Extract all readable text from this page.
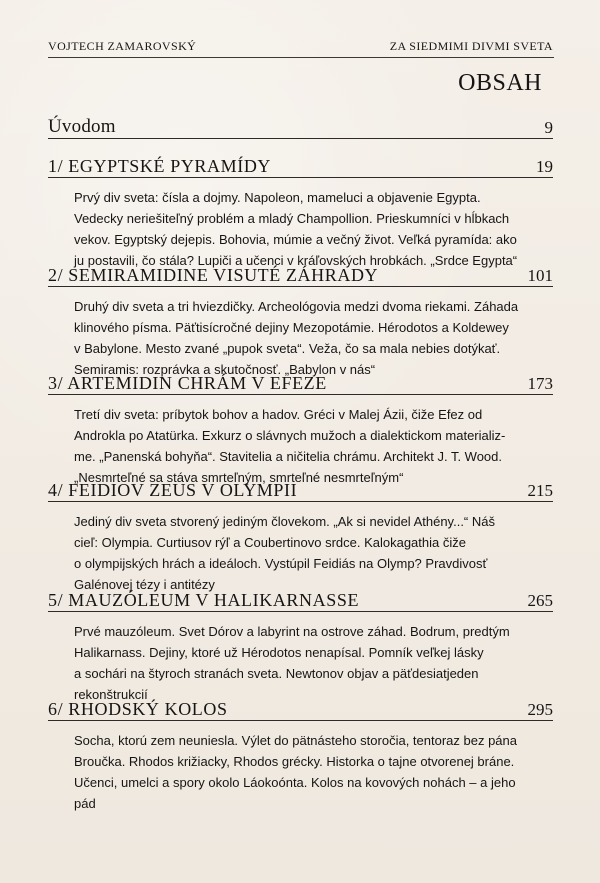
VOJTECH ZAMAROVSKÝ	ZA SIEDMIMI DIVMI SVETA
OBSAH
Úvodom	9
1/ EGYPTSKÉ PYRAMÍDY	19
Prvý div sveta: čísla a dojmy. Napoleon, mameluci a objavenie Egypta.
Vedecky neriešiteľný problém a mladý Champollion. Prieskumníci v hĺbkach
vekov. Egyptský dejepis. Bohovia, múmie a večný život. Veľká pyramída: ako
ju postavili, čo stála? Lupiči a učenci v kráľovských hrobkách. „Srdce Egypta“
2/ SEMIRAMIDINE VISUTÉ ZÁHRADY	101
Druhý div sveta a tri hviezdičky. Archeológovia medzi dvoma riekami. Záhada
klinového písma. Päťtisícročné dejiny Mezopotámie. Hérodotos a Koldewey
v Babylone. Mesto zvané „pupok sveta“. Veža, čo sa mala nebies dotýkať.
Semiramis: rozprávka a skutočnosť. „Babylon v nás“
3/ ARTEMIDIN CHRÁM V EFEZE	173
Tretí div sveta: príbytok bohov a hadov. Gréci v Malej Ázii, čiže Efez od
Androkla po Atatürka. Exkurz o slávnych mužoch a dialektickom materializ-
me. „Panenská bohyňa“. Stavitelia a ničitelia chrámu. Architekt J. T. Wood.
„Nesmrteľné sa stáva smrteľným, smrteľné nesmrteľným“
4/ FEIDIOV ZEUS V OLYMPII	215
Jediný div sveta stvorený jediným človekom. „Ak si nevidel Athény...“ Náš
cieľ: Olympia. Curtiusov rýľ a Coubertinovo srdce. Kalokagathia čiže
o olympijských hrách a ideáloch. Vystúpil Feidiás na Olymp? Pravdivosť
Galénovej tézy i antitézy
5/ MAUZÓLEUM V HALIKARNASSE	265
Prvé mauzóleum. Svet Dórov a labyrint na ostrove záhad. Bodrum, predtým
Halikarnass. Dejiny, ktoré už Hérodotos nenapísal. Pomník veľkej lásky
a sochári na štyroch stranách sveta. Newtonov objav a päťdesiatjeden
rekonštrukcií
6/ RHODSKÝ KOLOS	295
Socha, ktorú zem neuniesla. Výlet do pätnásteho storočia, tentoraz bez pána
Broučka. Rhodos križiacky, Rhodos grécky. Historka o tajne otvorenej bráne.
Učenci, umelci a spory okolo Láokoónta. Kolos na kovových nohách – a jeho
pád
